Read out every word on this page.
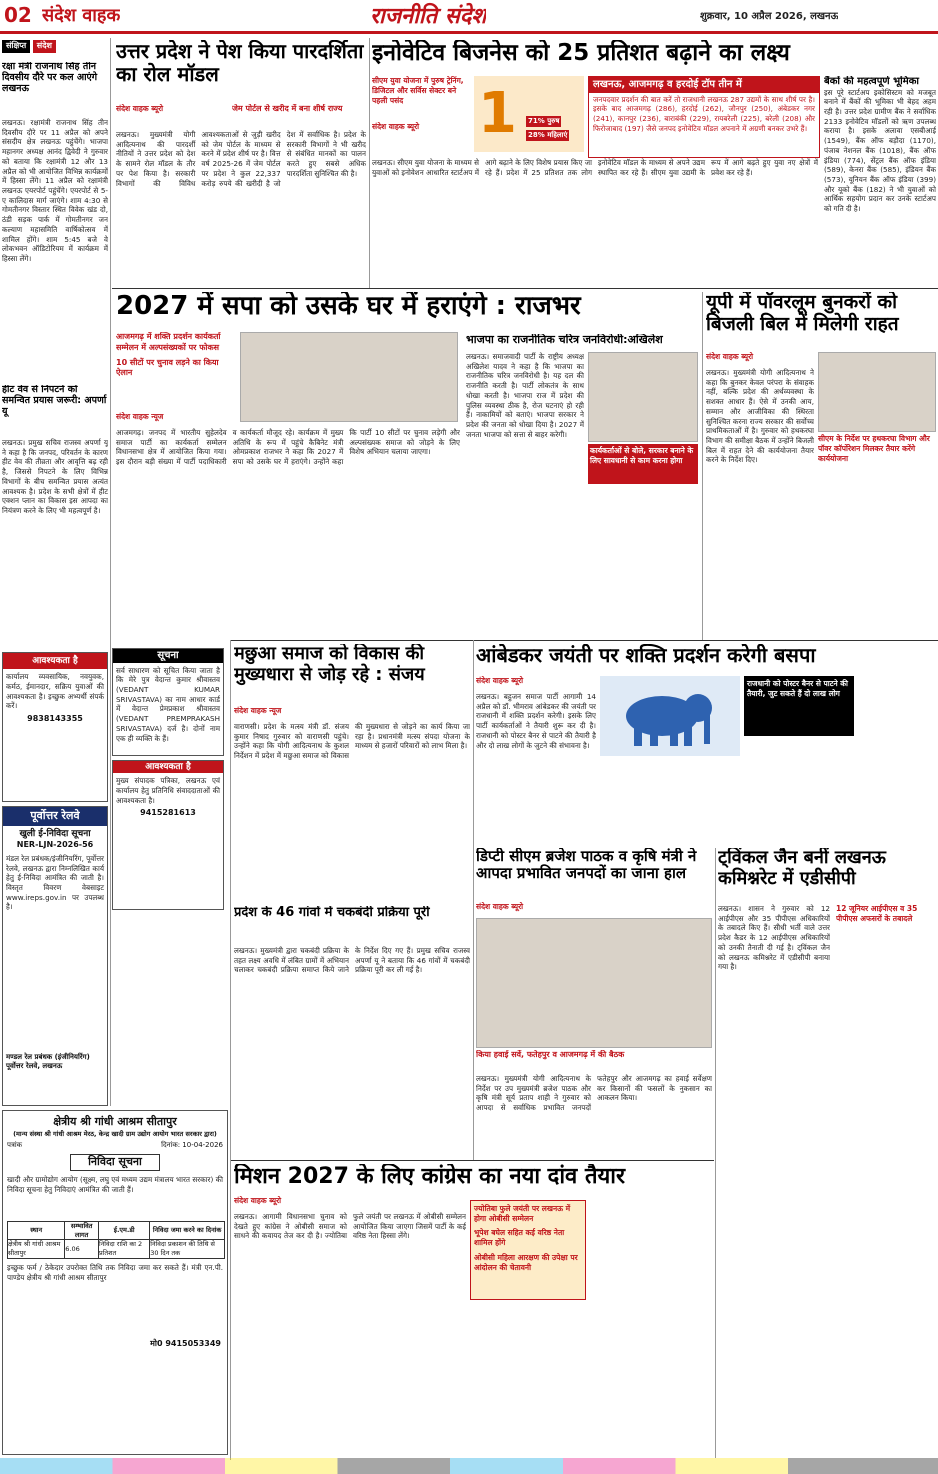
02 संदेश वाहक	राजनीति संदेश	शुक्रवार, 10 अप्रैल 2026, लखनऊ
संक्षिप्त संदेश
रक्षा मंत्री राजनाथ सिंह तीन दिवसीय दौरे पर कल आएंगे लखनऊ
लखनऊ। रक्षामंत्री राजनाथ सिंह तीन दिवसीय दौरे पर 11 अप्रैल को अपने संसदीय क्षेत्र लखनऊ पहुंचेंगे। भाजपा महानगर अध्यक्ष आनंद द्विवेदी ने गुरुवार को बताया कि रक्षामंत्री 12 और 13 अप्रैल को भी आयोजित विभिन्न कार्यक्रमों में हिस्सा लेंगे। 11 अप्रैल को रक्षामंत्री लखनऊ एयरपोर्ट पहुंचेंगे। एयरपोर्ट से 5-ए कालिदास मार्ग जाएंगे। शाम 4:30 से गोमतीनगर विस्तार स्थित विवेक खंड दो, ठंडी सड़क पार्क में गोमतीनगर जन कल्याण महासमिति वार्षिकोत्सव में शामिल होंगे। शाम 5:45 बजे वे लोकभवन ऑडिटोरियम में कार्यक्रम में हिस्सा लेंगे।
हीट वेव से निपटने को समन्वित प्रयास जरूरी: अपर्णा यू
लखनऊ। प्रमुख सचिव राजस्व अपर्णा यू ने कहा है कि जनपद, परिवर्तन के कारण हीट वेव की तीव्रता और आवृत्ति बढ़ रही है, जिससे निपटने के लिए विभिन्न विभागों के बीच समन्वित प्रयास अत्यंत आवश्यक है। प्रदेश के सभी क्षेत्रों में हीट एक्शन प्लान का विकास इस आपदा का नियंत्रण करने के लिए भी महत्वपूर्ण है।
आवश्यकता है
कार्यालय व्यवसायिक, नवयुवक, कर्मठ, ईमानदार, सक्रिय युवाओं की आवश्यकता है। इच्छुक अभ्यर्थी संपर्क करें।
9838143355
पूर्वोत्तर रेलवे
खुली ई-निविदा सूचना
NER-LJN-2026-56
मंडल रेल प्रबंधक/इंजीनियरिंग, पूर्वोत्तर रेलवे, लखनऊ द्वारा निम्नलिखित कार्य हेतु ई-निविदा आमंत्रित की जाती है। विस्तृत विवरण वेबसाइट www.ireps.gov.in पर उपलब्ध है।
मण्डल रेल प्रबंधक (इंजीनियरिंग) पूर्वोत्तर रेलवे, लखनऊ
सूचना
सर्व साधारण को सूचित किया जाता है कि मेरे पुत्र वेदान्त कुमार श्रीवास्तव (VEDANT KUMAR SRIVASTAVA) का नाम आधार कार्ड में वेदान्त प्रेमप्रकाश श्रीवास्तव (VEDANT PREMPRAKASH SRIVASTAVA) दर्ज है। दोनों नाम एक ही व्यक्ति के हैं।
आवश्यकता है
मुख्य संपादक पत्रिका, लखनऊ एवं कार्यालय हेतु प्रतिनिधि संवाददाताओं की आवश्यकता है।
9415281613
क्षेत्रीय श्री गांधी आश्रम सीतापुर
(मान्य संस्था श्री गांधी आश्रम मेरठ, केन्द्र खादी ग्राम उद्योग आयोग भारत सरकार द्वारा)
पत्रांक	दिनांक: 10-04-2026
निविदा सूचना
खादी और ग्रामोद्योग आयोग (सूक्ष्म, लघु एवं मध्यम उद्यम मंत्रालय भारत सरकार) की निविदा सूचना हेतु निविदाएं आमंत्रित की जाती हैं।
स्थान	सम्भावित लागत	ई.एम.डी	निविदा जमा करने का दिनांक
क्षेत्रीय श्री गांधी आश्रम सीतापुर	6.06	निविदा राशि का 2 प्रतिशत	निविदा प्रकाशन की तिथि से 30 दिन तक
इच्छुक फर्म / ठेकेदार उपरोक्त तिथि तक निविदा जमा कर सकते हैं। मंत्री एन.पी. पाण्डेय क्षेत्रीय श्री गांधी आश्रम सीतापुर
मो0 9415053349
उत्तर प्रदेश ने पेश किया पारदर्शिता का रोल मॉडल
संदेश वाहक ब्यूरो	जेम पोर्टल से खरीद में बना शीर्ष राज्य
लखनऊ। मुख्यमंत्री योगी आदित्यनाथ की पारदर्शी नीतियों ने उत्तर प्रदेश को देश के सामने रोल मॉडल के तौर पर पेश किया है। सरकारी विभागों की विविध आवश्यकताओं से जुड़ी खरीद को जेम पोर्टल के माध्यम से करने में प्रदेश शीर्ष पर है। वित्त वर्ष 2025-26 में जेम पोर्टल पर प्रदेश ने कुल 22,337 करोड़ रुपये की खरीदी है जो देश में सर्वाधिक है। प्रदेश के सरकारी विभागों ने भी खरीद से संबंधित मानकों का पालन करते हुए सबसे अधिक पारदर्शिता सुनिश्चित की है।
इनोवेटिव बिजनेस को 25 प्रतिशत बढ़ाने का लक्ष्य
सीएम युवा योजना में पुरुष ट्रेनिंग, डिजिटल और सर्विस सेक्टर बने पहली पसंद
संदेश वाहक ब्यूरो	1 71% पुरुष
28% महिलाएं
लखनऊ, आजमगढ़ व हरदोई टॉप तीन में
जनपदवार प्रदर्शन की बात करें तो राजधानी लखनऊ 287 उद्यमों के साथ शीर्ष पर है। इसके बाद आजमगढ़ (286), हरदोई (262), जौनपुर (250), अंबेडकर नगर (241), कानपुर (236), बाराबंकी (229), रायबरेली (225), बरेली (208) और फिरोजाबाद (197) जैसे जनपद इनोवेटिव मॉडल अपनाने में अग्रणी बनकर उभरे हैं।
लखनऊ। सीएम युवा योजना के माध्यम से युवाओं को इनोवेशन आधारित स्टार्टअप में आगे बढ़ाने के लिए विशेष प्रयास किए जा रहे हैं। प्रदेश में 25 प्रतिशत तक लोग इनोवेटिव मॉडल के माध्यम से अपने उद्यम स्थापित कर रहे हैं। सीएम युवा उद्यमी के रूप में आगे बढ़ते हुए युवा नए क्षेत्रों में प्रवेश कर रहे हैं।
बैंकों की महत्वपूर्ण भूमिका
इस पूरे स्टार्टअप इकोसिस्टम को मजबूत बनाने में बैंकों की भूमिका भी बेहद अहम रही है। उत्तर प्रदेश ग्रामीण बैंक ने सर्वाधिक 2133 इनोवेटिव मॉडलों को ऋण उपलब्ध कराया है। इसके अलावा एसबीआई (1549), बैंक ऑफ बड़ौदा (1170), पंजाब नेशनल बैंक (1018), बैंक ऑफ इंडिया (774), सेंट्रल बैंक ऑफ इंडिया (589), केनरा बैंक (585), इंडियन बैंक (573), यूनियन बैंक ऑफ इंडिया (399) और यूको बैंक (182) ने भी युवाओं को आर्थिक सहयोग प्रदान कर उनके स्टार्टअप को गति दी है।
2027 में सपा को उसके घर में हराएंगे : राजभर
आजमगढ़ में शक्ति प्रदर्शन कार्यकर्ता सम्मेलन में अल्पसंख्यकों पर फोकस
10 सीटों पर चुनाव लड़ने का किया ऐलान
संदेश वाहक न्यूज
आजमगढ़। जनपद में भारतीय सुहेलदेव समाज पार्टी का कार्यकर्ता सम्मेलन विधानसभा क्षेत्र में आयोजित किया गया। इस दौरान बड़ी संख्या में पार्टी पदाधिकारी व कार्यकर्ता मौजूद रहे। कार्यक्रम में मुख्य अतिथि के रूप में पहुंचे कैबिनेट मंत्री ओमप्रकाश राजभर ने कहा कि 2027 में सपा को उसके घर में हराएंगे। उन्होंने कहा कि पार्टी 10 सीटों पर चुनाव लड़ेगी और अल्पसंख्यक समाज को जोड़ने के लिए विशेष अभियान चलाया जाएगा।
भाजपा का राजनीतिक चरित्र जनविरोधी:अखिलेश
कार्यकर्ताओं से बोले, सरकार बनाने के लिए सावधानी से काम करना होगा
लखनऊ। समाजवादी पार्टी के राष्ट्रीय अध्यक्ष अखिलेश यादव ने कहा है कि भाजपा का राजनीतिक चरित्र जनविरोधी है। यह दल की राजनीति करती है। पार्टी लोकतंत्र के साथ धोखा करती है। भाजपा राज में प्रदेश की पुलिस व्यवस्था ठीक है, रोज घटनाएं हो रही हैं। नाकामियों को बताएं। भाजपा सरकार ने प्रदेश की जनता को धोखा दिया है। 2027 में जनता भाजपा को सत्ता से बाहर करेगी।
यूपी में पॉवरलूम बुनकरों को बिजली बिल में मिलेगी राहत
संदेश वाहक ब्यूरो
सीएम के निर्देश पर हथकरघा विभाग और पॉवर कॉर्पोरेशन मिलकर तैयार करेंगे कार्ययोजना
लखनऊ। मुख्यमंत्री योगी आदित्यनाथ ने कहा कि बुनकर केवल परंपरा के संवाहक नहीं, बल्कि प्रदेश की अर्थव्यवस्था के सशक्त आधार हैं। ऐसे में उनकी आय, सम्मान और आजीविका की स्थिरता सुनिश्चित करना राज्य सरकार की सर्वोच्च प्राथमिकताओं में है। गुरुवार को हथकरघा विभाग की समीक्षा बैठक में उन्होंने बिजली बिल में राहत देने की कार्ययोजना तैयार करने के निर्देश दिए।
मछुआ समाज को विकास की मुख्यधारा से जोड़ रहे : संजय
संदेश वाहक न्यूज
वाराणसी। प्रदेश के मत्स्य मंत्री डॉ. संजय कुमार निषाद गुरुवार को वाराणसी पहुंचे। उन्होंने कहा कि योगी आदित्यनाथ के कुशल निर्देशन में प्रदेश में मछुआ समाज को विकास की मुख्यधारा से जोड़ने का कार्य किया जा रहा है। प्रधानमंत्री मत्स्य संपदा योजना के माध्यम से हजारों परिवारों को लाभ मिला है।
प्रदेश के 46 गांवों में चकबंदी प्रक्रिया पूरी
लखनऊ। मुख्यमंत्री द्वारा चकबंदी प्रक्रिया के तहत लक्ष्य अवधि में लंबित ग्रामों में अभियान चलाकर चकबंदी प्रक्रिया समाप्त किये जाने के निर्देश दिए गए हैं। प्रमुख सचिव राजस्व अपर्णा यू ने बताया कि 46 गांवों में चकबंदी प्रक्रिया पूरी कर ली गई है।
आंबेडकर जयंती पर शक्ति प्रदर्शन करेगी बसपा
संदेश वाहक ब्यूरो	राजधानी को पोस्टर बैनर से पाटने की तैयारी, जुट सकते हैं दो लाख लोग
लखनऊ। बहुजन समाज पार्टी आगामी 14 अप्रैल को डॉ. भीमराव आंबेडकर की जयंती पर राजधानी में शक्ति प्रदर्शन करेगी। इसके लिए पार्टी कार्यकर्ताओं ने तैयारी शुरू कर दी है। राजधानी को पोस्टर बैनर से पाटने की तैयारी है और दो लाख लोगों के जुटने की संभावना है।
डिप्टी सीएम ब्रजेश पाठक व कृषि मंत्री ने आपदा प्रभावित जनपदों का जाना हाल
संदेश वाहक ब्यूरो
किया हवाई सर्वे, फतेहपुर व आजमगढ़ में की बैठक
लखनऊ। मुख्यमंत्री योगी आदित्यनाथ के निर्देश पर उप मुख्यमंत्री ब्रजेश पाठक और कृषि मंत्री सूर्य प्रताप शाही ने गुरुवार को आपदा से सर्वाधिक प्रभावित जनपदों फतेहपुर और आजमगढ़ का हवाई सर्वेक्षण कर किसानों की फसलों के नुकसान का आकलन किया।
ट्विंकल जैन बनीं लखनऊ कमिश्नरेट में एडीसीपी
12 जूनियर आईपीएस व 35 पीपीएस अफसरों के तबादले
लखनऊ। शासन ने गुरुवार को 12 आईपीएस और 35 पीपीएस अधिकारियों के तबादले किए हैं। सीधी भर्ती वाले उत्तर प्रदेश कैडर के 12 आईपीएस अधिकारियों को उनकी तैनाती दी गई है। ट्विंकल जैन को लखनऊ कमिश्नरेट में एडीसीपी बनाया गया है।
मिशन 2027 के लिए कांग्रेस का नया दांव तैयार
संदेश वाहक ब्यूरो
लखनऊ। आगामी विधानसभा चुनाव को देखते हुए कांग्रेस ने ओबीसी समाज को साधने की कवायद तेज कर दी है। ज्योतिबा फुले जयंती पर लखनऊ में ओबीसी सम्मेलन आयोजित किया जाएगा जिसमें पार्टी के कई वरिष्ठ नेता हिस्सा लेंगे।
ज्योतिबा फुले जयंती पर लखनऊ में होगा ओबीसी सम्मेलन
भूपेश बघेल सहित कई वरिष्ठ नेता शामिल होंगे
ओबीसी महिला आरक्षण की उपेक्षा पर आंदोलन की चेतावनी
